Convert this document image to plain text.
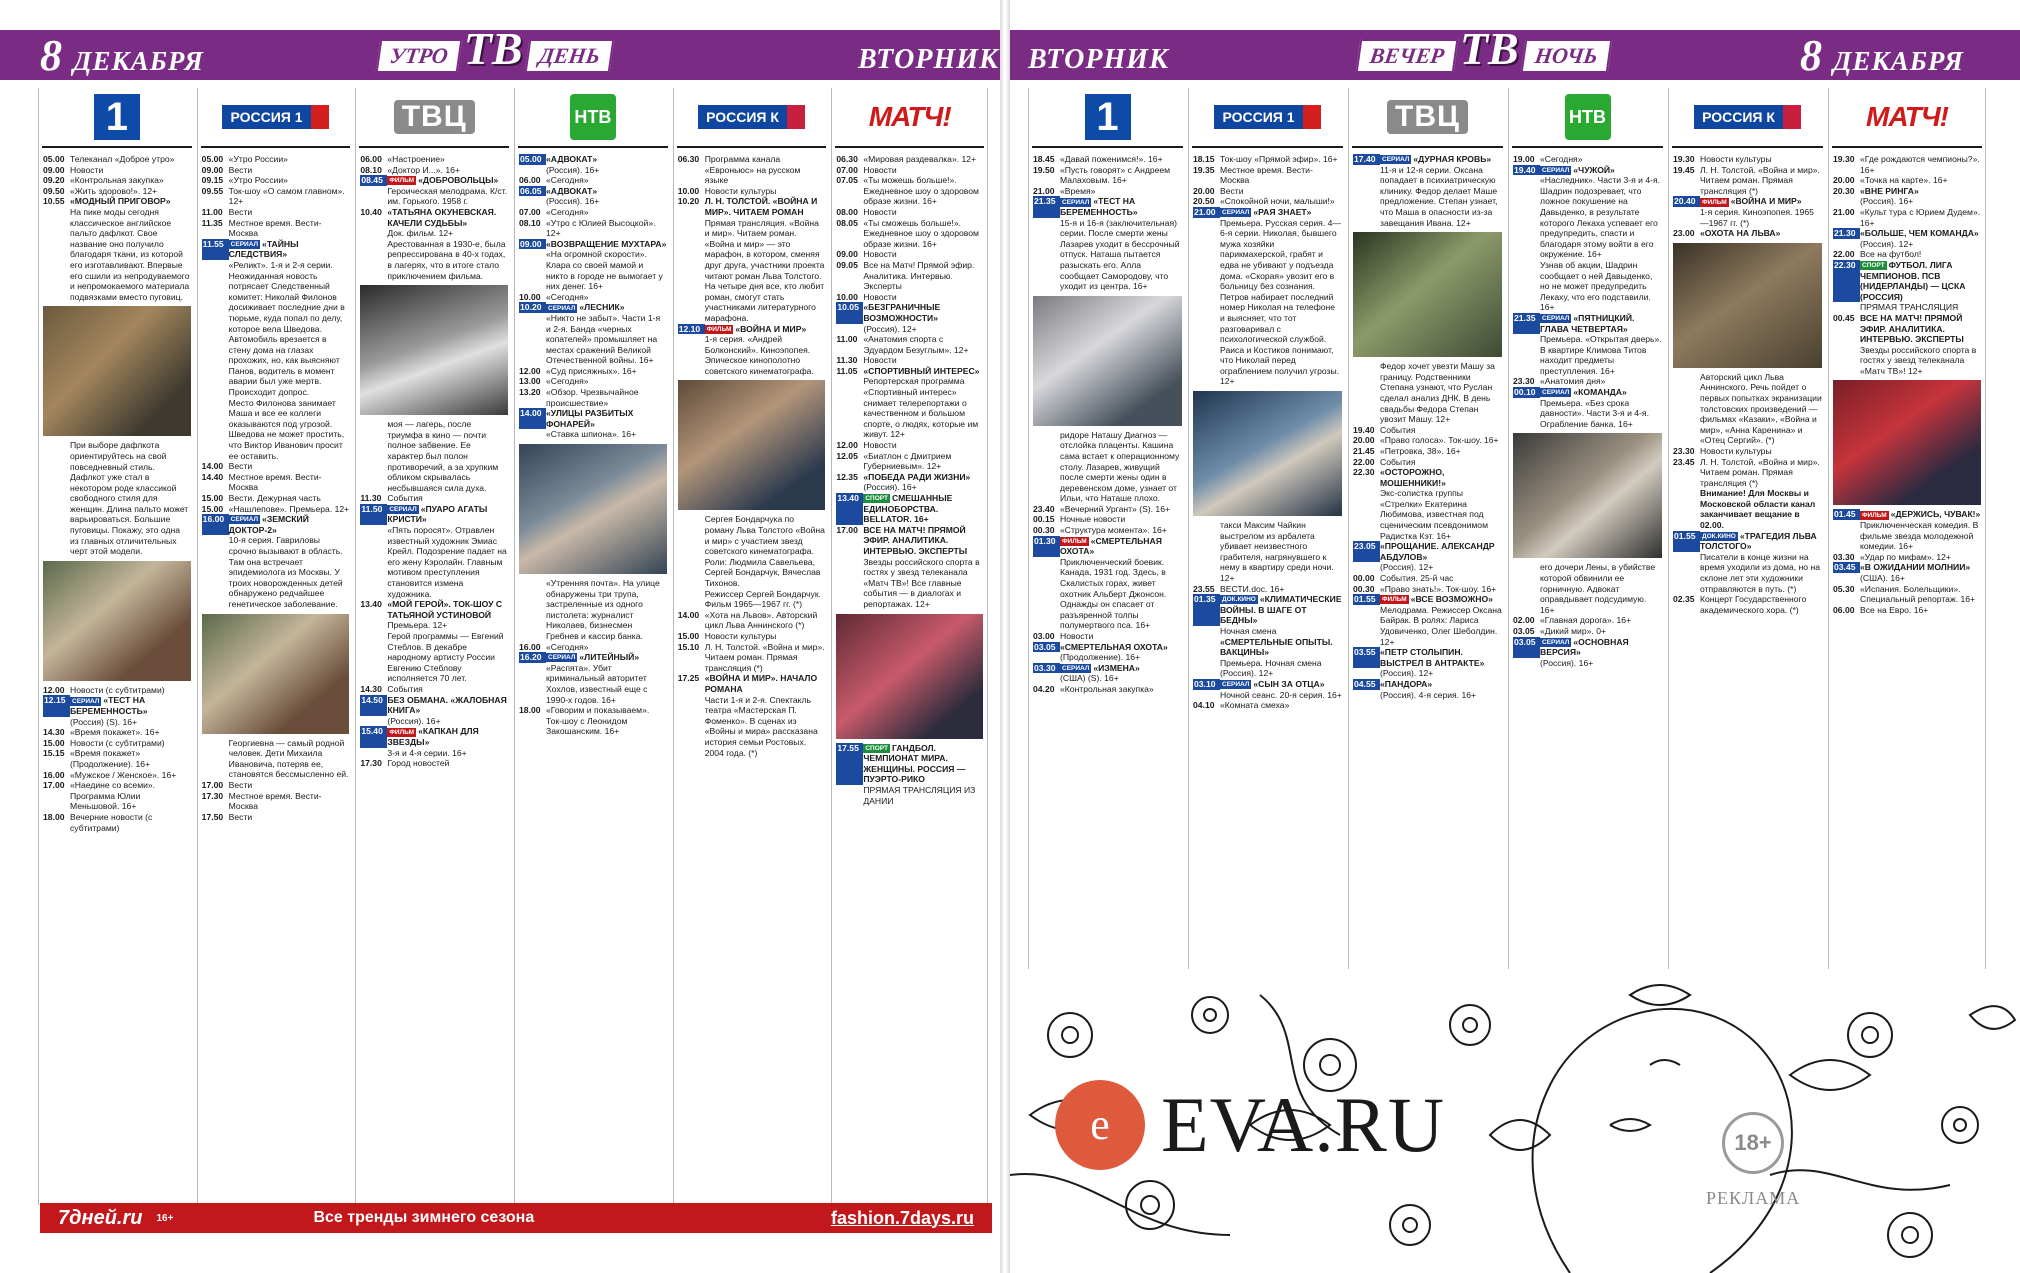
8 ДЕКАБРЯ	УТРО ТВ ДЕНЬ	ВТОРНИК
1
05.00 Телеканал «Доброе утро»
09.00 Новости
09.20 «Контрольная закупка»
09.50 «Жить здорово!». 12+
10.55 «МОДНЫЙ ПРИГОВОР»
На пике моды сегодня классическое английское пальто дафлкот. Свое название оно получило благодаря ткани, из которой его изготавливают. Впервые его сшили из непродуваемого и непромокаемого материала подвязками вместо пуговиц.
При выборе дафлкота ориентируйтесь на свой повседневный стиль. Дафлкот уже стал в некотором роде классикой свободного стиля для женщин. Длина пальто может варьироваться. Большие пуговицы. Покажу, это одна из главных отличительных черт этой модели.
12.00 Новости (с субтитрами)
12.15 СЕРИАЛ «ТЕСТ НА БЕРЕМЕННОСТЬ»
(Россия) (S). 16+
14.30 «Время покажет». 16+
15.00 Новости (с субтитрами)
15.15 «Время покажет» (Продолжение). 16+
16.00 «Мужское / Женское». 16+
17.00 «Наедине со всеми». Программа Юлии Меньшовой. 16+
18.00 Вечерние новости (с субтитрами)
РОССИЯ 1
05.00 «Утро России»
09.00 Вести
09.15 «Утро России»
09.55 Ток-шоу «О самом главном». 12+
11.00 Вести
11.35 Местное время. Вести-Москва
11.55	СЕРИАЛ «ТАЙНЫ СЛЕДСТВИЯ»
«Реликт». 1-я и 2-я серии. Неожиданная новость потрясает Следственный комитет: Николай Филонов досиживает последние дни в тюрьме, куда попал по делу, которое вела Шведова.
Автомобиль врезается в стену дома на глазах прохожих, но, как выясняют Панов, водитель в момент аварии был уже мертв. Происходит допрос.
Место Филонова занимает Маша и все ее коллеги оказываются под угрозой. Шведова не может простить, что Виктор Иванович просит ее оставить.
14.00 Вести
14.40 Местное время. Вести-Москва
15.00 Вести. Дежурная часть
15.00 «Нашлепове». Премьера. 12+
16.00 СЕРИАЛ «ЗЕМСКИЙ ДОКТОР-2»
10-я серия. Гавриловы срочно вызывают в область. Там она встречает эпидемиолога из Москвы. У троих новорожденных детей обнаружено редчайшее генетическое заболевание.
Георгиевна — самый родной человек. Дети Михаила Ивановича, потеряв ее, становятся бессмысленно ей.
17.00 Вести
17.30 Местное время. Вести-Москва
17.50 Вести
ТВЦ
06.00 «Настроение»
08.10 «Доктор И...». 16+
08.45 ФИЛЬМ «ДОБРОВОЛЬЦЫ»
Героическая мелодрама. К/ст. им. Горького. 1958 г.
10.40 «ТАТЬЯНА ОКУНЕВСКАЯ. КАЧЕЛИ СУДЬБЫ»
Док. фильм. 12+
Арестованная в 1930-е, была репрессирована в 40-х годах, в лагерях, что в итоге стало приключением фильма.
моя — лагерь, после триумфа в кино — почти полное забвение. Ее характер был полон противоречий, а за хрупким обликом скрывалась несбывшаяся сила духа.
11.30 События
11.50	СЕРИАЛ «ПУАРО АГАТЫ КРИСТИ»
«Пять поросят». Отравлен известный художник Эмиас Крейл. Подозрение падает на его жену Кэролайн. Главным мотивом преступления становится измена художника.
13.40 «МОЙ ГЕРОЙ». ТОК-ШОУ С ТАТЬЯНОЙ УСТИНОВОЙ
Премьера. 12+
Герой программы — Евгений Стеблов. В декабре народному артисту России Евгению Стеблову исполняется 70 лет.
14.30 События
14.50 БЕЗ ОБМАНА. «ЖАЛОБНАЯ КНИГА»
(Россия). 16+
15.40 ФИЛЬМ «КАПКАН ДЛЯ ЗВЕЗДЫ»
3-я и 4-я серии. 16+
17.30 Город новостей
НТВ
05.00 «АДВОКАТ»
(Россия). 16+
06.00 «Сегодня»
06.05 «АДВОКАТ»
(Россия). 16+
07.00 «Сегодня»
08.10 «Утро с Юлией Высоцкой». 12+
09.00 «ВОЗВРАЩЕНИЕ МУХТАРА»
«На огромной скорости». Клара со своей мамой и никто в городе не вымогает у них денег. 16+
10.00 «Сегодня»
10.20 СЕРИАЛ «ЛЕСНИК»
«Никто не забыт». Части 1-я и 2-я. Банда «черных копателей» промышляет на местах сражений Великой Отечественной войны. 16+
12.00 «Суд присяжных». 16+
13.00 «Сегодня»
13.20 «Обзор. Чрезвычайное происшествие»
14.00 «УЛИЦЫ РАЗБИТЫХ ФОНАРЕЙ»
«Ставка шпиона». 16+
«Утренняя почта». На улице обнаружены три трупа, застреленные из одного пистолета: журналист Николаев, бизнесмен Гребнев и кассир банка.
16.00 «Сегодня»
16.20 СЕРИАЛ «ЛИТЕЙНЫЙ»
«Распята». Убит криминальный авторитет Хохлов, известный еще с 1990-х годов. 16+
18.00 «Говорим и показываем». Ток-шоу с Леонидом Закошанским. 16+
РОССИЯ К
06.30 Программа канала «Евроньюс» на русском языке
10.00 Новости культуры
10.20 Л. Н. ТОЛСТОЙ. «ВОЙНА И МИР». ЧИТАЕМ РОМАН
Прямая трансляция. «Война и мир». Читаем роман. «Война и мир» — это марафон, в котором, сменяя друг друга, участники проекта читают роман Льва Толстого.
На четыре дня все, кто любит роман, смогут стать участниками литературного марафона.
12.10 ФИЛЬМ «ВОЙНА И МИР»
1-я серия. «Андрей Болконский». Киноэпопея. Эпическое кинополотно советского кинематографа.
Сергея Бондарчука по роману Льва Толстого «Война и мир» с участием звезд советского кинематографа. Роли: Людмила Савельева, Сергей Бондарчук, Вячеслав Тихонов.
Режиссер Сергей Бондарчук. Фильм 1965—1967 гг. (*)
14.00 «Хота на Львов». Авторский цикл Льва Аннинского (*)
15.00 Новости культуры
15.10 Л. Н. Толстой. «Война и мир». Читаем роман. Прямая трансляция (*)
17.25 «ВОЙНА И МИР». НАЧАЛО РОМАНА
Части 1-я и 2-я. Спектакль театра «Мастерская П. Фоменко». В сценах из «Войны и мира» рассказана история семьи Ростовых. 2004 года. (*)
МАТЧ!
06.30 «Мировая раздевалка». 12+
07.00 Новости
07.05 «Ты можешь больше!». Ежедневное шоу о здоровом образе жизни. 16+
08.00 Новости
08.05 «Ты сможешь больше!». Ежедневное шоу о здоровом образе жизни. 16+
09.00 Новости
09.05 Все на Матч! Прямой эфир. Аналитика. Интервью. Эксперты
10.00 Новости
10.05 «БЕЗГРАНИЧНЫЕ ВОЗМОЖНОСТИ»
(Россия). 12+
11.00 «Анатомия спорта с Эдуардом Безуглым». 12+
11.30 Новости
11.05 «СПОРТИВНЫЙ ИНТЕРЕС»
Репортерская программа «Спортивный интерес» снимает телерепортажи о качественном и большом спорте, о людях, которые им живут. 12+
12.00 Новости
12.05 «Биатлон с Дмитрием Губерниевым». 12+
12.35 «ПОБЕДА РАДИ ЖИЗНИ»
(Россия). 16+
13.40 СПОРТ СМЕШАННЫЕ ЕДИНОБОРСТВА. BELLATOR. 16+
17.00 ВСЕ НА МАТЧ! ПРЯМОЙ ЭФИР. АНАЛИТИКА. ИНТЕРВЬЮ. ЭКСПЕРТЫ
Звезды российского спорта в гостях у звезд телеканала «Матч ТВ»! Все главные события — в диалогах и репортажах. 12+
17.55 СПОРТ ГАНДБОЛ. ЧЕМПИОНАТ МИРА. ЖЕНЩИНЫ. РОССИЯ — ПУЭРТО-РИКО
ПРЯМАЯ ТРАНСЛЯЦИЯ ИЗ ДАНИИ
7дней.ru	16+	Все тренды зимнего сезона	fashion.7days.ru
ВТОРНИК	ВЕЧЕР ТВ НОЧЬ	8 ДЕКАБРЯ
1
18.45 «Давай поженимся!». 16+
19.50 «Пусть говорят» с Андреем Малаховым. 16+
21.00 «Время»
21.35 СЕРИАЛ «ТЕСТ НА БЕРЕМЕННОСТЬ»
15-я и 16-я (заключительная) серии. После смерти жены Лазарев уходит в бессрочный отпуск. Наташа пытается разыскать его. Алла сообщает Самородову, что уходит из центра. 16+
ридоре Наташу Диагноз — отслойка плаценты. Кашина сама встает к операционному столу. Лазарев, живущий после смерти жены один в деревенском доме, узнает от Ильи, что Наташе плохо.
23.40 «Вечерний Ургант» (S). 16+
00.15 Ночные новости
00.30 «Структура момента». 16+
01.30 ФИЛЬМ «СМЕРТЕЛЬНАЯ ОХОТА»
Приключенческий боевик. Канада, 1931 год. Здесь, в Скалистых горах, живет охотник Альберт Джонсон. Однажды он спасает от разъяренной толпы полумертвого пса. 16+
03.00 Новости
03.05 «СМЕРТЕЛЬНАЯ ОХОТА»
(Продолжение). 16+
03.30 СЕРИАЛ «ИЗМЕНА»
(США) (S). 16+
04.20 «Контрольная закупка»
РОССИЯ 1
18.15 Ток-шоу «Прямой эфир». 16+
19.35 Местное время. Вести-Москва
20.00 Вести
20.50 «Спокойной ночи, малыши!»
21.00 СЕРИАЛ «РАЯ ЗНАЕТ»
Премьера. Русская серия. 4—6-я серии. Николая, бывшего мужа хозяйки парикмахерской, грабят и едва не убивают у подъезда дома. «Скорая» увозит его в больницу без сознания.
Петров набирает последний номер Николая на телефоне и выясняет, что тот разговаривал с психологической службой. Раиса и Костиков понимают, что Николай перед ограблением получил угрозы. 12+
такси Максим Чайкин выстрелом из арбалета убивает неизвестного грабителя, нагрянувшего к нему в квартиру среди ночи. 12+
23.55 ВЕСТИ.doc. 16+
01.35 ДОК.КИНО «КЛИМАТИЧЕСКИЕ ВОЙНЫ. В ШАГЕ ОТ БЕДНЫ»
Ночная смена
«СМЕРТЕЛЬНЫЕ ОПЫТЫ. ВАКЦИНЫ»
Премьера. Ночная смена (Россия). 12+
03.10 СЕРИАЛ «СЫН ЗА ОТЦА»
Ночной сеанс. 20-я серия. 16+
04.10 «Комната смеха»
ТВЦ
17.40 СЕРИАЛ «ДУРНАЯ КРОВЬ»
11-я и 12-я серии. Оксана попадает в психиатрическую клинику. Федор делает Маше предложение. Степан узнает, что Маша в опасности из-за завещания Ивана. 12+
Федор хочет увезти Машу за границу. Родственники Степана узнают, что Руслан сделал анализ ДНК. В день свадьбы Федора Степан увозит Машу. 12+
19.40 События
20.00 «Право голоса». Ток-шоу. 16+
21.45 «Петровка, 38». 16+
22.00 События
22.30 «ОСТОРОЖНО, МОШЕННИКИ!»
Экс-солистка группы «Стрелки» Екатерина Любимова, известная под сценическим псевдонимом Радистка Кэт. 16+
23.05 «ПРОЩАНИЕ. АЛЕКСАНДР АБДУЛОВ»
(Россия). 12+
00.00 События. 25-й час
00.30 «Право знать!». Ток-шоу. 16+
01.55 ФИЛЬМ «ВСЕ ВОЗМОЖНО»
Мелодрама. Режиссер Оксана Байрак. В ролях: Лариса Удовиченко, Олег Шеболдин. 12+
03.55 «ПЕТР СТОЛЫПИН. ВЫСТРЕЛ В АНТРАКТЕ»
(Россия). 12+
04.55 «ПАНДОРА»
(Россия). 4-я серия. 16+
НТВ
19.00 «Сегодня»
19.40 СЕРИАЛ «ЧУЖОЙ»
«Наследник». Части 3-я и 4-я. Шадрин подозревает, что ложное покушение на Давыденко, в результате которого Лекаха успевает его предупредить, спасти и благодаря этому войти в его окружение. 16+
Узнав об акции, Шадрин сообщает о ней Давыденко, но не может предупредить Лекаху, что его подставили. 16+
21.35 СЕРИАЛ «ПЯТНИЦКИЙ. ГЛАВА ЧЕТВЕРТАЯ»
Премьера. «Открытая дверь». В квартире Климова Титов находит предметы преступления. 16+
23.30 «Анатомия дня»
00.10 СЕРИАЛ «КОМАНДА»
Премьера. «Без срока давности». Части 3-я и 4-я. Ограбление банка. 16+
ero дочери Лены, в убийстве которой обвинили ее горничную. Адвокат оправдывает подсудимую. 16+
02.00 «Главная дорога». 16+
03.05 «Дикий мир». 0+
03.05 СЕРИАЛ «ОСНОВНАЯ ВЕРСИЯ»
(Россия). 16+
РОССИЯ К
19.30 Новости культуры
19.45 Л. Н. Толстой. «Война и мир». Читаем роман. Прямая трансляция (*)
20.40 ФИЛЬМ «ВОЙНА И МИР»
1-я серия. Киноэпопея. 1965—1967 гг. (*)
23.00 «ОХОТА НА ЛЬВА»
Авторский цикл Льва Аннинского. Речь пойдет о первых попытках экранизации толстовских произведений — фильмах «Казаки», «Война и мир», «Анна Каренина» и «Отец Сергий». (*)
23.30 Новости культуры
23.45 Л. Н. Толстой. «Война и мир». Читаем роман. Прямая трансляция (*)
Внимание! Для Москвы и Московской области канал заканчивает вещание в 02.00.
01.55 ДОК.КИНО «ТРАГЕДИЯ ЛЬВА ТОЛСТОГО»
Писатели в конце жизни на время уходили из дома, но на склоне лет эти художники отправляются в путь. (*)
02.35 Концерт Государственного академического хора. (*)
МАТЧ!
19.30 «Где рождаются чемпионы?». 16+
20.00 «Точка на карте». 16+
20.30 «ВНЕ РИНГА»
(Россия). 16+
21.00 «Культ тура с Юрием Дудем». 16+
21.30 «БОЛЬШЕ, ЧЕМ КОМАНДА»
(Россия). 12+
22.00 Все на футбол!
22.30 СПОРТ ФУТБОЛ. ЛИГА ЧЕМПИОНОВ. ПСВ (НИДЕРЛАНДЫ) — ЦСКА (РОССИЯ)
ПРЯМАЯ ТРАНСЛЯЦИЯ
00.45 ВСЕ НА МАТЧ! ПРЯМОЙ ЭФИР. АНАЛИТИКА. ИНТЕРВЬЮ. ЭКСПЕРТЫ
Звезды российского спорта в гостях у звезд телеканала «Матч ТВ»! 12+
01.45 ФИЛЬМ «ДЕРЖИСЬ, ЧУВАК!»
Приключенческая комедия. В фильме звезда молодежной комедии. 16+
03.30 «Удар по мифам». 12+
03.45 «В ОЖИДАНИИ МОЛНИИ»
(США). 16+
05.30 «Испания. Болельщики». Специальный репортаж. 16+
06.00 Все на Евро. 16+
e EVA.RU	18+
РЕКЛАМА
